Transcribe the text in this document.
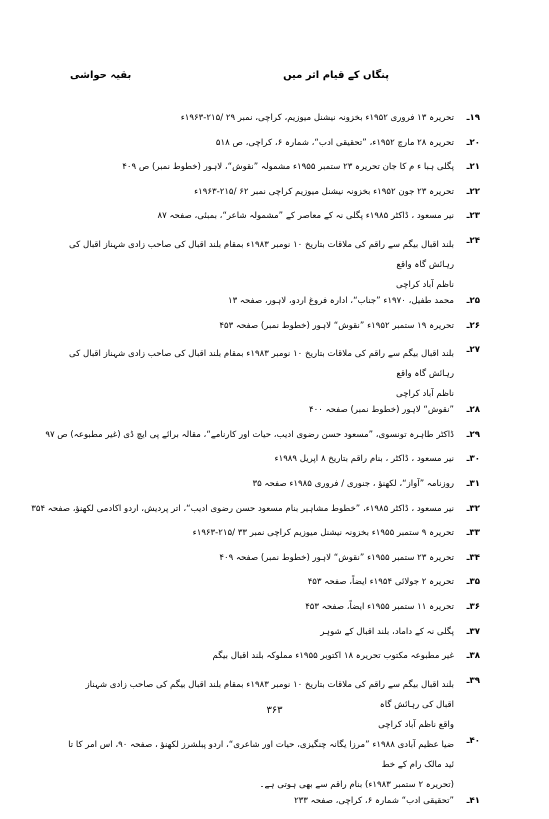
پنگاں کے قیام اثر میں
بقیہ حواشی
۱۹ـ
تحریرہ ۱۳ فروری ۱۹۵۲ء بخزونہ نیشنل میوزیم، کراچی، نمبر ۲۹ /۲۱۵-۱۹۶۳ء
۲۰ـ
تحریرہ ۲۸ مارچ ۱۹۵۲ء، ”تحقیقی ادب“، شمارہ ۶، کراچی، ص ۵۱۸
۲۱ـ
پگلی ہبا ء م کا جان تحریرہ ۲۳ ستمبر ۱۹۵۵ء مشمولہ ”نقوش“، لاہور (خطوط نمبر) ص ۴۰۹
۲۲ـ
تحریرہ ۲۳ جون ۱۹۵۲ء بخزونہ نیشنل میوزیم کراچی نمبر ۶۲ /۲۱۵-۱۹۶۳ء
۲۳ـ
نیر مسعود ، ڈاکٹر ۱۹۸۵ء پگلی نہ کے معاصر کے ”مشمولہ شاعر“، بمبئی، صفحہ ۸۷
۲۴ـ
بلند اقبال بیگم سے راقم کی ملاقات بتاریخ ۱۰ نومبر ۱۹۸۳ء بمقام بلند اقبال کی صاحب زادی شہناز اقبال کی رہائش گاہ واقع
ناظم آباد کراچی
۲۵ـ
محمد طفیل، ۱۹۷۰ء ”جناب“، ادارہ فروغ اردو، لاہور، صفحہ ۱۳
۲۶ـ
تحریرہ ۱۹ ستمبر ۱۹۵۲ء ”نقوش“ لاہور (خطوط نمبر) صفحہ ۴۵۳
۲۷ـ
بلند اقبال بیگم سے راقم کی ملاقات بتاریخ ۱۰ نومبر ۱۹۸۳ء بمقام بلند اقبال کی صاحب زادی شہناز اقبال کی رہائش گاہ واقع
ناظم آباد کراچی
۲۸ـ
”نقوش“ لاہور (خطوط نمبر) صفحہ ۴۰۰
۲۹ـ
ڈاکٹر طاہرہ تونسوی، ”مسعود حسن رضوی ادیب، حیات اور کارنامے“، مقالہ برائے پی ایچ ڈی (غیر مطبوعہ) ص ۹۷
۳۰ـ
نیر مسعود ، ڈاکٹر ، بنام راقم بتاریخ ۸ اپریل ۱۹۸۹ء
۳۱ـ
روزنامہ ”آواز“، لکھنؤ ، جنوری / فروری ۱۹۸۵ء صفحہ ۳۵
۳۲ـ
نیر مسعود ، ڈاکٹر ۱۹۸۵ء، ”خطوط مشاہیر بنام مسعود حسن رضوی ادیب“، اتر پردیش، اردو اکادمی لکھنؤ، صفحہ ۳۵۴
۳۳ـ
تحریرہ ۹ ستمبر ۱۹۵۵ء بخزونہ نیشنل میوزیم کراچی نمبر ۳۳ /۲۱۵-۱۹۶۳ء
۳۴ـ
تحریرہ ۲۳ ستمبر ۱۹۵۵ء ”نقوش“ لاہور (خطوط نمبر) صفحہ ۴۰۹
۳۵ـ
تحریرہ ۲ جولائی ۱۹۵۴ء ایضاً، صفحہ ۴۵۳
۳۶ـ
تحریرہ ۱۱ ستمبر ۱۹۵۵ء ایضاً، صفحہ ۴۵۳
۳۷ـ
پگلی نہ کے داماد، بلند اقبال کے شوہر
۳۸ـ
غیر مطبوعہ مکتوب تحریرہ ۱۸ اکتوبر ۱۹۵۵ء مملوکہ بلند اقبال بیگم
۳۹ـ
بلند اقبال بیگم سے راقم کی ملاقات بتاریخ ۱۰ نومبر ۱۹۸۳ء بمقام بلند اقبال بیگم کی صاحب زادی شہناز اقبال کی رہائش گاہ
واقع ناظم آباد کراچی
۴۰ـ
ضیا عظیم آبادی ۱۹۸۸ء ”مرزا یگانہ چنگیزی، حیات اور شاعری“، اردو پبلشرز لکھنؤ ، صفحہ ۹۰، اس امر کا تا ئید مالک رام کے خط
(تحریرہ ۲ ستمبر ۱۹۸۳ء) بنام راقم سے بھی ہوتی ہے۔
۴۱ـ
”تحقیقی ادب“ شمارہ ۶، کراچی، صفحہ ۲۳۳
۳۶۳
